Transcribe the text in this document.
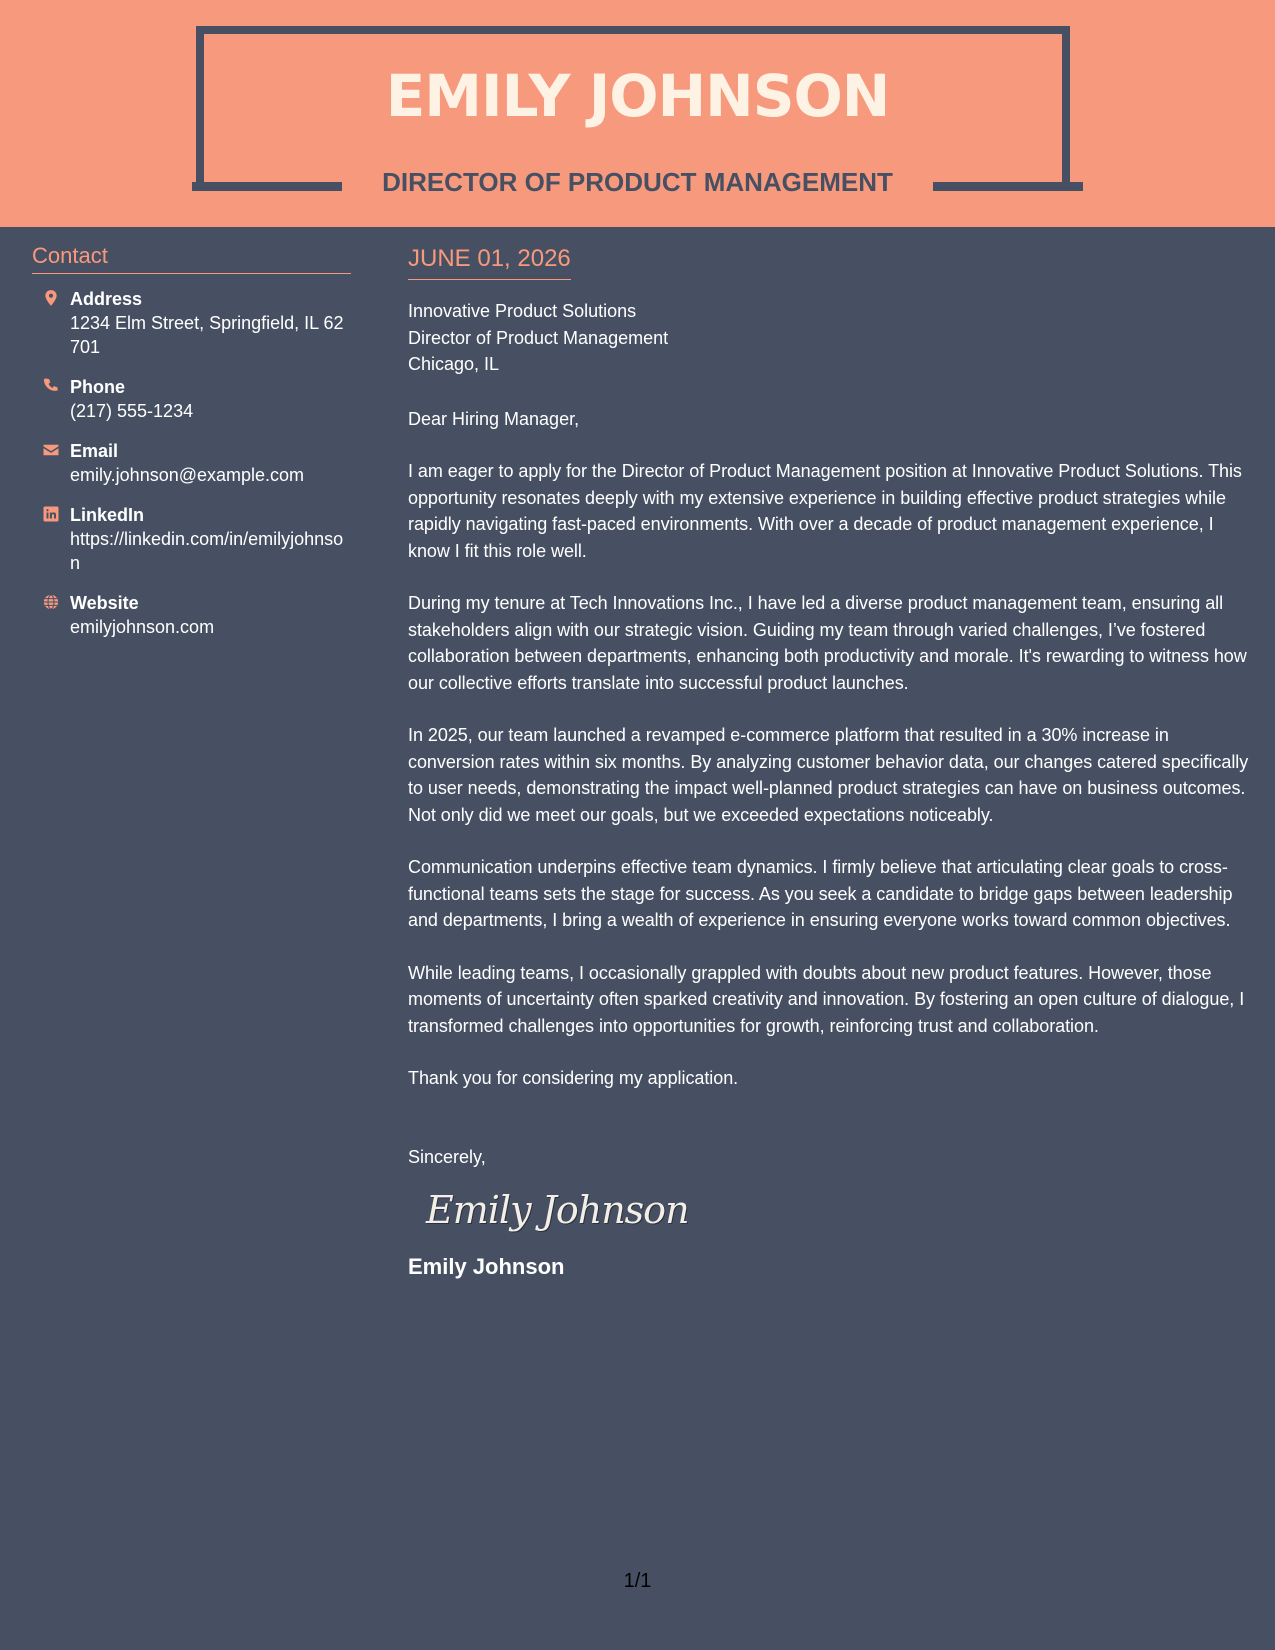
EMILY JOHNSON
DIRECTOR OF PRODUCT MANAGEMENT
Contact
Address
1234 Elm Street, Springfield, IL 62701
Phone
(217) 555-1234
Email
emily.johnson@example.com
LinkedIn
https://linkedin.com/in/emilyjohnson
Website
emilyjohnson.com
JUNE 01, 2026
Innovative Product Solutions
Director of Product Management
Chicago, IL
Dear Hiring Manager,
I am eager to apply for the Director of Product Management position at Innovative Product Solutions. This opportunity resonates deeply with my extensive experience in building effective product strategies while rapidly navigating fast-paced environments. With over a decade of product management experience, I know I fit this role well.
During my tenure at Tech Innovations Inc., I have led a diverse product management team, ensuring all stakeholders align with our strategic vision. Guiding my team through varied challenges, I’ve fostered collaboration between departments, enhancing both productivity and morale. It's rewarding to witness how our collective efforts translate into successful product launches.
In 2025, our team launched a revamped e-commerce platform that resulted in a 30% increase in conversion rates within six months. By analyzing customer behavior data, our changes catered specifically to user needs, demonstrating the impact well-planned product strategies can have on business outcomes. Not only did we meet our goals, but we exceeded expectations noticeably.
Communication underpins effective team dynamics. I firmly believe that articulating clear goals to cross-functional teams sets the stage for success. As you seek a candidate to bridge gaps between leadership and departments, I bring a wealth of experience in ensuring everyone works toward common objectives.
While leading teams, I occasionally grappled with doubts about new product features. However, those moments of uncertainty often sparked creativity and innovation. By fostering an open culture of dialogue, I transformed challenges into opportunities for growth, reinforcing trust and collaboration.
Thank you for considering my application.
Sincerely,
Emily Johnson
Emily Johnson
1/1
